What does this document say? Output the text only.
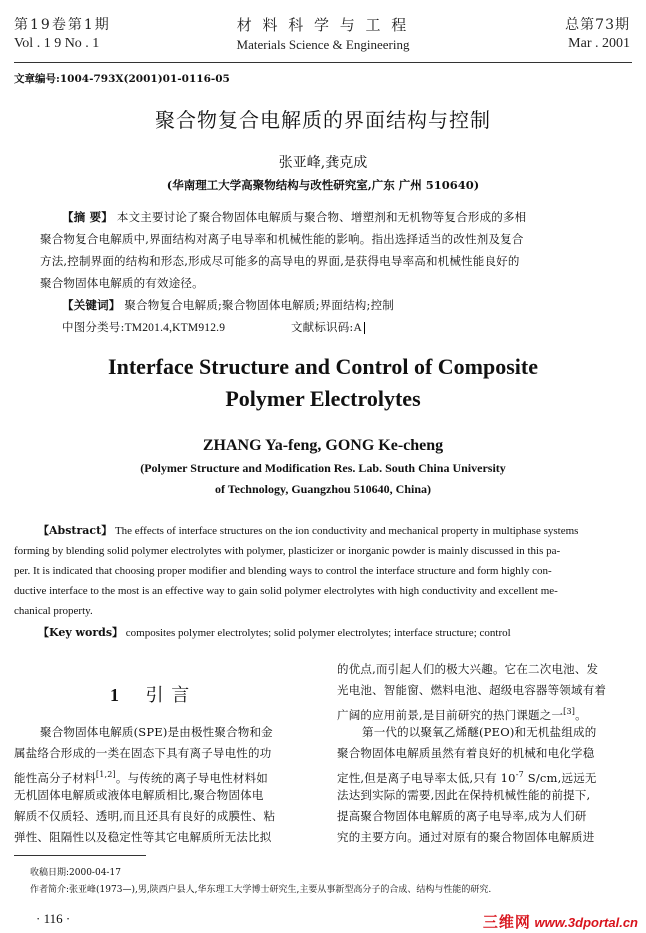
第19卷第1期
Vol . 1 9 No . 1
材 料 科 学 与 工 程
Materials Science & Engineering
总第73期
Mar . 2001
文章编号:1004-793X(2001)01-0116-05
聚合物复合电解质的界面结构与控制
张亚峰,龚克成
(华南理工大学高聚物结构与改性研究室,广东 广州 510640)
【摘 要】 本文主要讨论了聚合物固体电解质与聚合物、增塑剂和无机物等复合形成的多相
聚合物复合电解质中,界面结构对离子电导率和机械性能的影响。指出选择适当的改性剂及复合
方法,控制界面的结构和形态,形成尽可能多的高导电的界面,是获得电导率高和机械性能良好的
聚合物固体电解质的有效途径。
【关键词】 聚合物复合电解质;聚合物固体电解质;界面结构;控制
中图分类号:TM201.4,KTM912.9	文献标识码:A
Interface Structure and Control of Composite
Polymer Electrolytes
ZHANG Ya-feng, GONG Ke-cheng
(Polymer Structure and Modification Res. Lab. South China University
of Technology, Guangzhou 510640, China)
【Abstract】 The effects of interface structures on the ion conductivity and mechanical property in multiphase systems
forming by blending solid polymer electrolytes with polymer, plasticizer or inorganic powder is mainly discussed in this pa-
per. It is indicated that choosing proper modifier and blending ways to control the interface structure and form highly con-
ductive interface to the most is an effective way to gain solid polymer electrolytes with high conductivity and excellent me-
chanical property.
【Key words】 composites polymer electrolytes; solid polymer electrolytes; interface structure; control
1 引 言
聚合物固体电解质(SPE)是由极性聚合物和金
属盐络合形成的一类在固态下具有离子导电性的功
能性高分子材料[1,2]。与传统的离子导电性材料如
无机固体电解质或液体电解质相比,聚合物固体电
解质不仅质轻、透明,而且还具有良好的成膜性、粘
弹性、阻隔性以及稳定性等其它电解质所无法比拟
的优点,而引起人们的极大兴趣。它在二次电池、发
光电池、智能窗、燃料电池、超级电容器等领域有着
广阔的应用前景,是目前研究的热门课题之一[3]。
第一代的以聚氧乙烯醚(PEO)和无机盐组成的
聚合物固体电解质虽然有着良好的机械和电化学稳
定性,但是离子电导率太低,只有 $10^{-7}$ S/cm,远远无
法达到实际的需要,因此在保持机械性能的前提下,
提高聚合物固体电解质的离子电导率,成为人们研
究的主要方向。通过对原有的聚合物固体电解质进
收稿日期:2000-04-17
作者简介:张亚峰(1973—),男,陕西户县人,华东理工大学博士研究生,主要从事新型高分子的合成、结构与性能的研究.
· 116 ·	三维网 www.3dportal.cn
